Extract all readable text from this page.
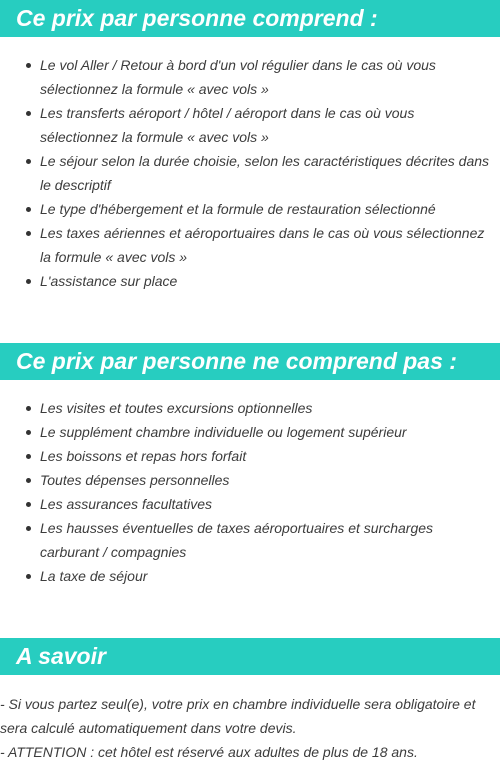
Ce prix par personne comprend :
Le vol Aller / Retour à bord d'un vol régulier dans le cas où vous sélectionnez la formule « avec vols »
Les transferts aéroport / hôtel / aéroport dans le cas où vous sélectionnez la formule « avec vols »
Le séjour selon la durée choisie, selon les caractéristiques décrites dans le descriptif
Le type d'hébergement et la formule de restauration sélectionné
Les taxes aériennes et aéroportuaires dans le cas où vous sélectionnez la formule « avec vols »
L'assistance sur place
Ce prix par personne ne comprend pas :
Les visites et toutes excursions optionnelles
Le supplément chambre individuelle ou logement supérieur
Les boissons et repas hors forfait
Toutes dépenses personnelles
Les assurances facultatives
Les hausses éventuelles de taxes aéroportuaires et surcharges carburant / compagnies
La taxe de séjour
A savoir

- Si vous partez seul(e), votre prix en chambre individuelle sera obligatoire et sera calculé automatiquement dans votre devis.

- ATTENTION : cet hôtel est réservé aux adultes de plus de 18 ans.
